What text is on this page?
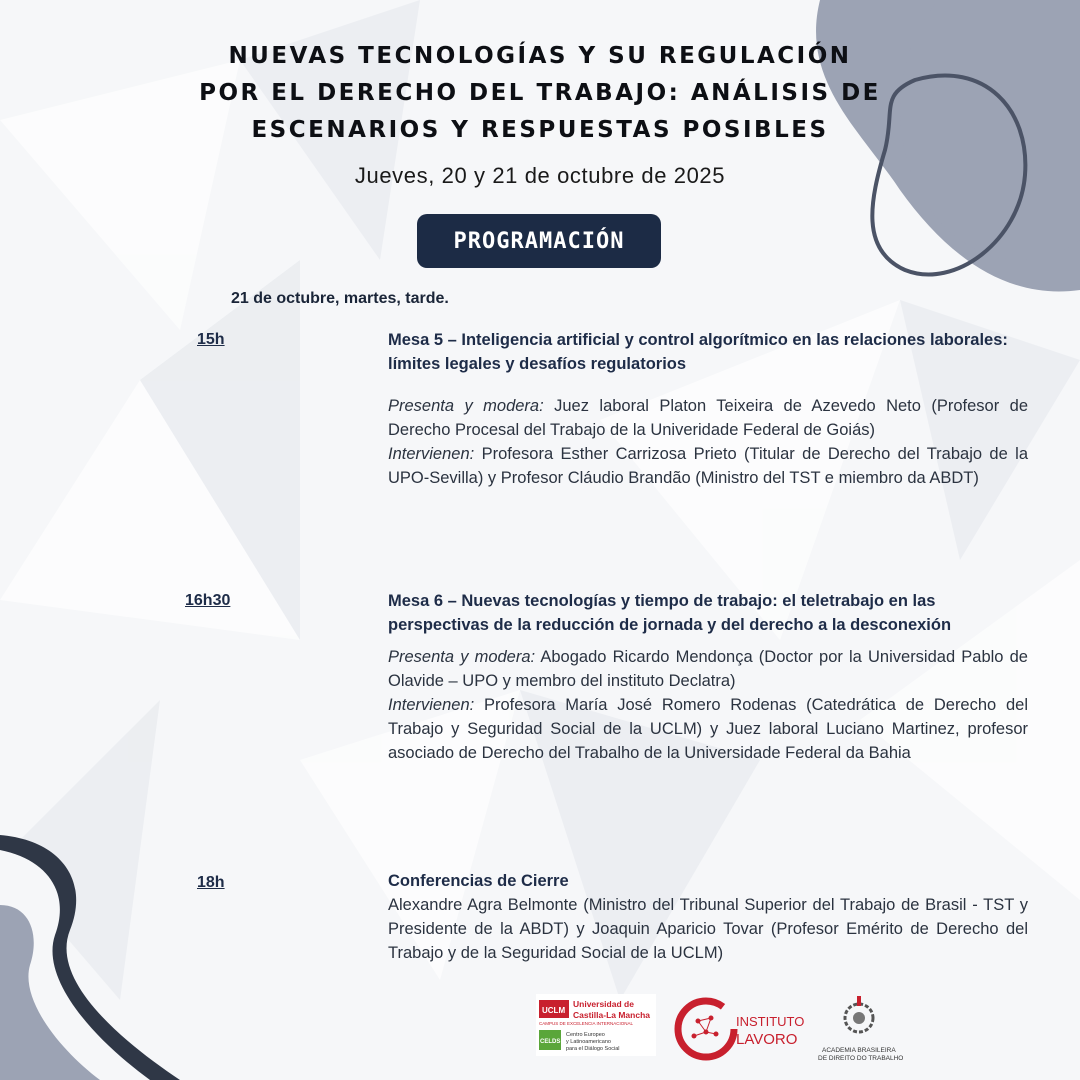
NUEVAS TECNOLOGÍAS Y SU REGULACIÓN
POR EL DERECHO DEL TRABAJO: ANÁLISIS DE
ESCENARIOS Y RESPUESTAS POSIBLES
Jueves, 20 y 21 de octubre de 2025
PROGRAMACIÓN
21 de octubre, martes, tarde.
15h	Mesa 5 – Inteligencia artificial y control algorítmico en las relaciones laborales: límites legales y desafíos regulatorios

Presenta y modera: Juez laboral Platon Teixeira de Azevedo Neto (Profesor de Derecho Procesal del Trabajo de la Univeridade Federal de Goiás)

Intervienen: Profesora Esther Carrizosa Prieto (Titular de Derecho del Trabajo de la UPO-Sevilla) y Profesor Cláudio Brandão (Ministro del TST e miembro da ABDT)

16h30	Mesa 6 – Nuevas tecnologías y tiempo de trabajo: el teletrabajo en las perspectivas de la reducción de jornada y del derecho a la desconexión

Presenta y modera: Abogado Ricardo Mendonça (Doctor por la Universidad Pablo de Olavide – UPO y membro del instituto Declatra)

Intervienen: Profesora María José Romero Rodenas (Catedrática de Derecho del Trabajo y Seguridad Social de la UCLM) y Juez laboral Luciano Martinez, profesor asociado de Derecho del Trabalho de la Universidade Federal da Bahia

18h	Conferencias de Cierre

Alexandre Agra Belmonte (Ministro del Tribunal Superior del Trabajo de Brasil - TST y Presidente de la ABDT) y Joaquin Aparicio Tovar (Profesor Emérito de Derecho del Trabajo y de la Seguridad Social de la UCLM)

UCLM
Universidad de
Castilla-La Mancha
CAMPUS DE EXCELENCIA INTERNACIONAL
CELDS
Centro Europeo
y Latinoamericano
para el Diálogo Social
INSTITUTO
LAVORO
ACADEMIA BRASILEIRA
DE DIREITO DO TRABALHO
